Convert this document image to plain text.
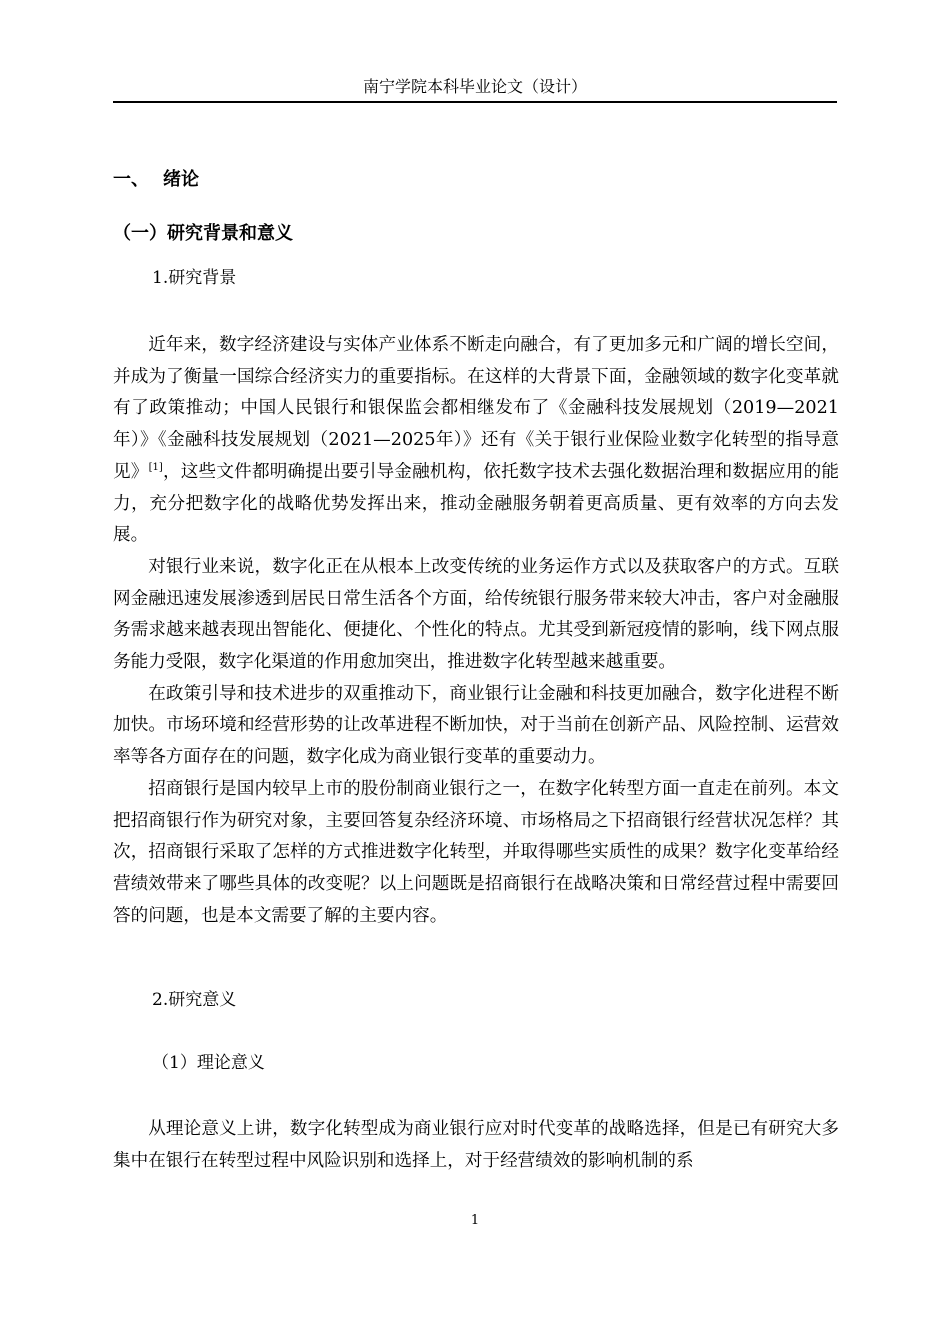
南宁学院本科毕业论文（设计）
一、 绪论
（一）研究背景和意义
1.研究背景

近年来，数字经济建设与实体产业体系不断走向融合，有了更加多元和广阔的增长空间，并成为了衡量一国综合经济实力的重要指标。在这样的大背景下面，金融领域的数字化变革就有了政策推动；中国人民银行和银保监会都相继发布了《金融科技发展规划（2019—2021年）》《金融科技发展规划（2021—2025年）》还有《关于银行业保险业数字化转型的指导意见》[1]，这些文件都明确提出要引导金融机构，依托数字技术去强化数据治理和数据应用的能力，充分把数字化的战略优势发挥出来，推动金融服务朝着更高质量、更有效率的方向去发展。

对银行业来说，数字化正在从根本上改变传统的业务运作方式以及获取客户的方式。互联网金融迅速发展渗透到居民日常生活各个方面，给传统银行服务带来较大冲击，客户对金融服务需求越来越表现出智能化、便捷化、个性化的特点。尤其受到新冠疫情的影响，线下网点服务能力受限，数字化渠道的作用愈加突出，推进数字化转型越来越重要。

在政策引导和技术进步的双重推动下，商业银行让金融和科技更加融合，数字化进程不断加快。市场环境和经营形势的让改革进程不断加快，对于当前在创新产品、风险控制、运营效率等各方面存在的问题，数字化成为商业银行变革的重要动力。

招商银行是国内较早上市的股份制商业银行之一，在数字化转型方面一直走在前列。本文把招商银行作为研究对象，主要回答复杂经济环境、市场格局之下招商银行经营状况怎样？其次，招商银行采取了怎样的方式推进数字化转型，并取得哪些实质性的成果？数字化变革给经营绩效带来了哪些具体的改变呢？以上问题既是招商银行在战略决策和日常经营过程中需要回答的问题，也是本文需要了解的主要内容。

2.研究意义
（1）理论意义

从理论意义上讲，数字化转型成为商业银行应对时代变革的战略选择，但是已有研究大多集中在银行在转型过程中风险识别和选择上，对于经营绩效的影响机制的系

1
